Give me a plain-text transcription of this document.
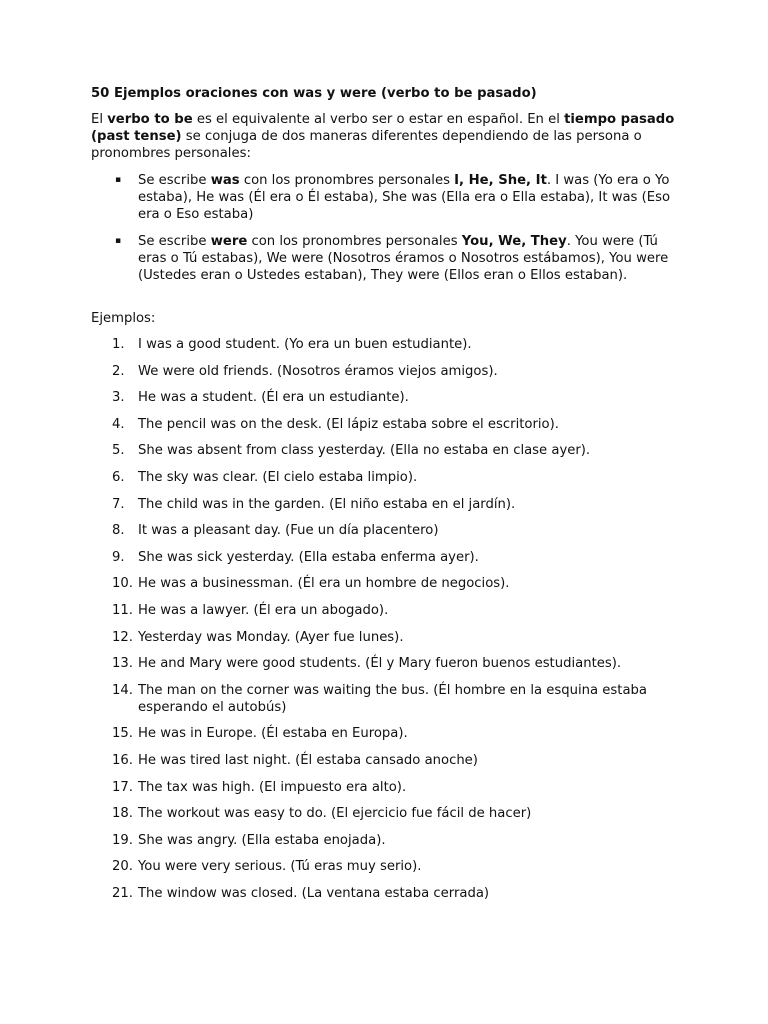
50 Ejemplos oraciones con was y were (verbo to be pasado)
El verbo to be es el equivalente al verbo ser o estar en español. En el tiempo pasado (past tense) se conjuga de dos maneras diferentes dependiendo de las persona o pronombres personales:
▪ Se escribe was con los pronombres personales I, He, She, It. I was (Yo era o Yo estaba), He was (Él era o Él estaba), She was (Ella era o Ella estaba), It was (Eso era o Eso estaba)
▪ Se escribe were con los pronombres personales You, We, They. You were (Tú eras o Tú estabas), We were (Nosotros éramos o Nosotros estábamos), You were (Ustedes eran o Ustedes estaban), They were (Ellos eran o Ellos estaban).
Ejemplos:
1. I was a good student. (Yo era un buen estudiante).
2. We were old friends. (Nosotros éramos viejos amigos).
3. He was a student. (Él era un estudiante).
4. The pencil was on the desk. (El lápiz estaba sobre el escritorio).
5. She was absent from class yesterday. (Ella no estaba en clase ayer).
6. The sky was clear. (El cielo estaba limpio).
7. The child was in the garden. (El niño estaba en el jardín).
8. It was a pleasant day. (Fue un día placentero)
9. She was sick yesterday. (Ella estaba enferma ayer).
10. He was a businessman. (Él era un hombre de negocios).
11. He was a lawyer. (Él era un abogado).
12. Yesterday was Monday. (Ayer fue lunes).
13. He and Mary were good students. (Él y Mary fueron buenos estudiantes).
14. The man on the corner was waiting the bus. (Él hombre en la esquina estaba esperando el autobús)
15. He was in Europe. (Él estaba en Europa).
16. He was tired last night. (Él estaba cansado anoche)
17. The tax was high. (El impuesto era alto).
18. The workout was easy to do. (El ejercicio fue fácil de hacer)
19. She was angry. (Ella estaba enojada).
20. You were very serious. (Tú eras muy serio).
21. The window was closed. (La ventana estaba cerrada)
